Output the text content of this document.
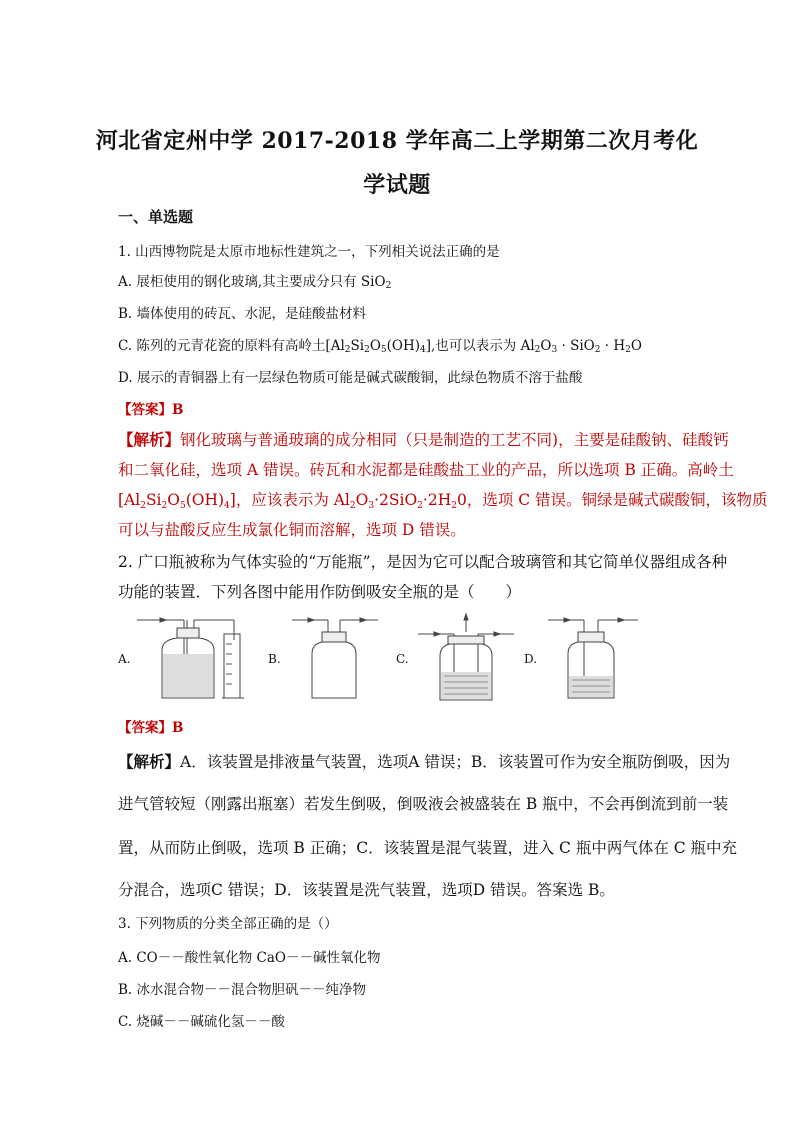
河北省定州中学 2017-2018 学年高二上学期第二次月考化
学试题
一、单选题
1. 山西博物院是太原市地标性建筑之一，下列相关说法正确的是
A. 展柜使用的钢化玻璃,其主要成分只有 SiO$_2$
B. 墙体使用的砖瓦、水泥，是硅酸盐材料
C. 陈列的元青花瓷的原料有高岭土$[Al_2Si_2O_5(OH)_4]$,也可以表示为 $Al_2O_3 \cdot SiO_2 \cdot H_2O$
D. 展示的青铜器上有一层绿色物质可能是碱式碳酸铜，此绿色物质不溶于盐酸
【答案】B
【解析】钢化玻璃与普通玻璃的成分相同（只是制造的工艺不同)，主要是硅酸钠、硅酸钙
和二氧化硅，选项 A 错误。砖瓦和水泥都是硅酸盐工业的产品，所以选项 B 正确。高岭土
[Al2Si2O5(OH)4]，应该表示为 Al2O3·2SiO2·2H20，选项 C 错误。铜绿是碱式碳酸铜，该物质
可以与盐酸反应生成氯化铜而溶解，选项 D 错误。
2. 广口瓶被称为气体实验的“万能瓶”，是因为它可以配合玻璃管和其它简单仪器组成各种
功能的装置．下列各图中能用作防倒吸安全瓶的是（　　）
A.	B.	C.	D.
【答案】B
【解析】A．该装置是排液量气装置，选项A 错误；B．该装置可作为安全瓶防倒吸，因为
进气管较短（刚露出瓶塞）若发生倒吸，倒吸液会被盛装在 B 瓶中，不会再倒流到前一装
置，从而防止倒吸，选项 B 正确；C．该装置是混气装置，进入 C 瓶中两气体在 C 瓶中充
分混合，选项C 错误；D．该装置是洗气装置，选项D 错误。答案选 B。
3. 下列物质的分类全部正确的是（）
A. CO－－酸性氧化物 CaO－－碱性氧化物
B. 冰水混合物－－混合物胆矾－－纯净物
C. 烧碱－－碱硫化氢－－酸
